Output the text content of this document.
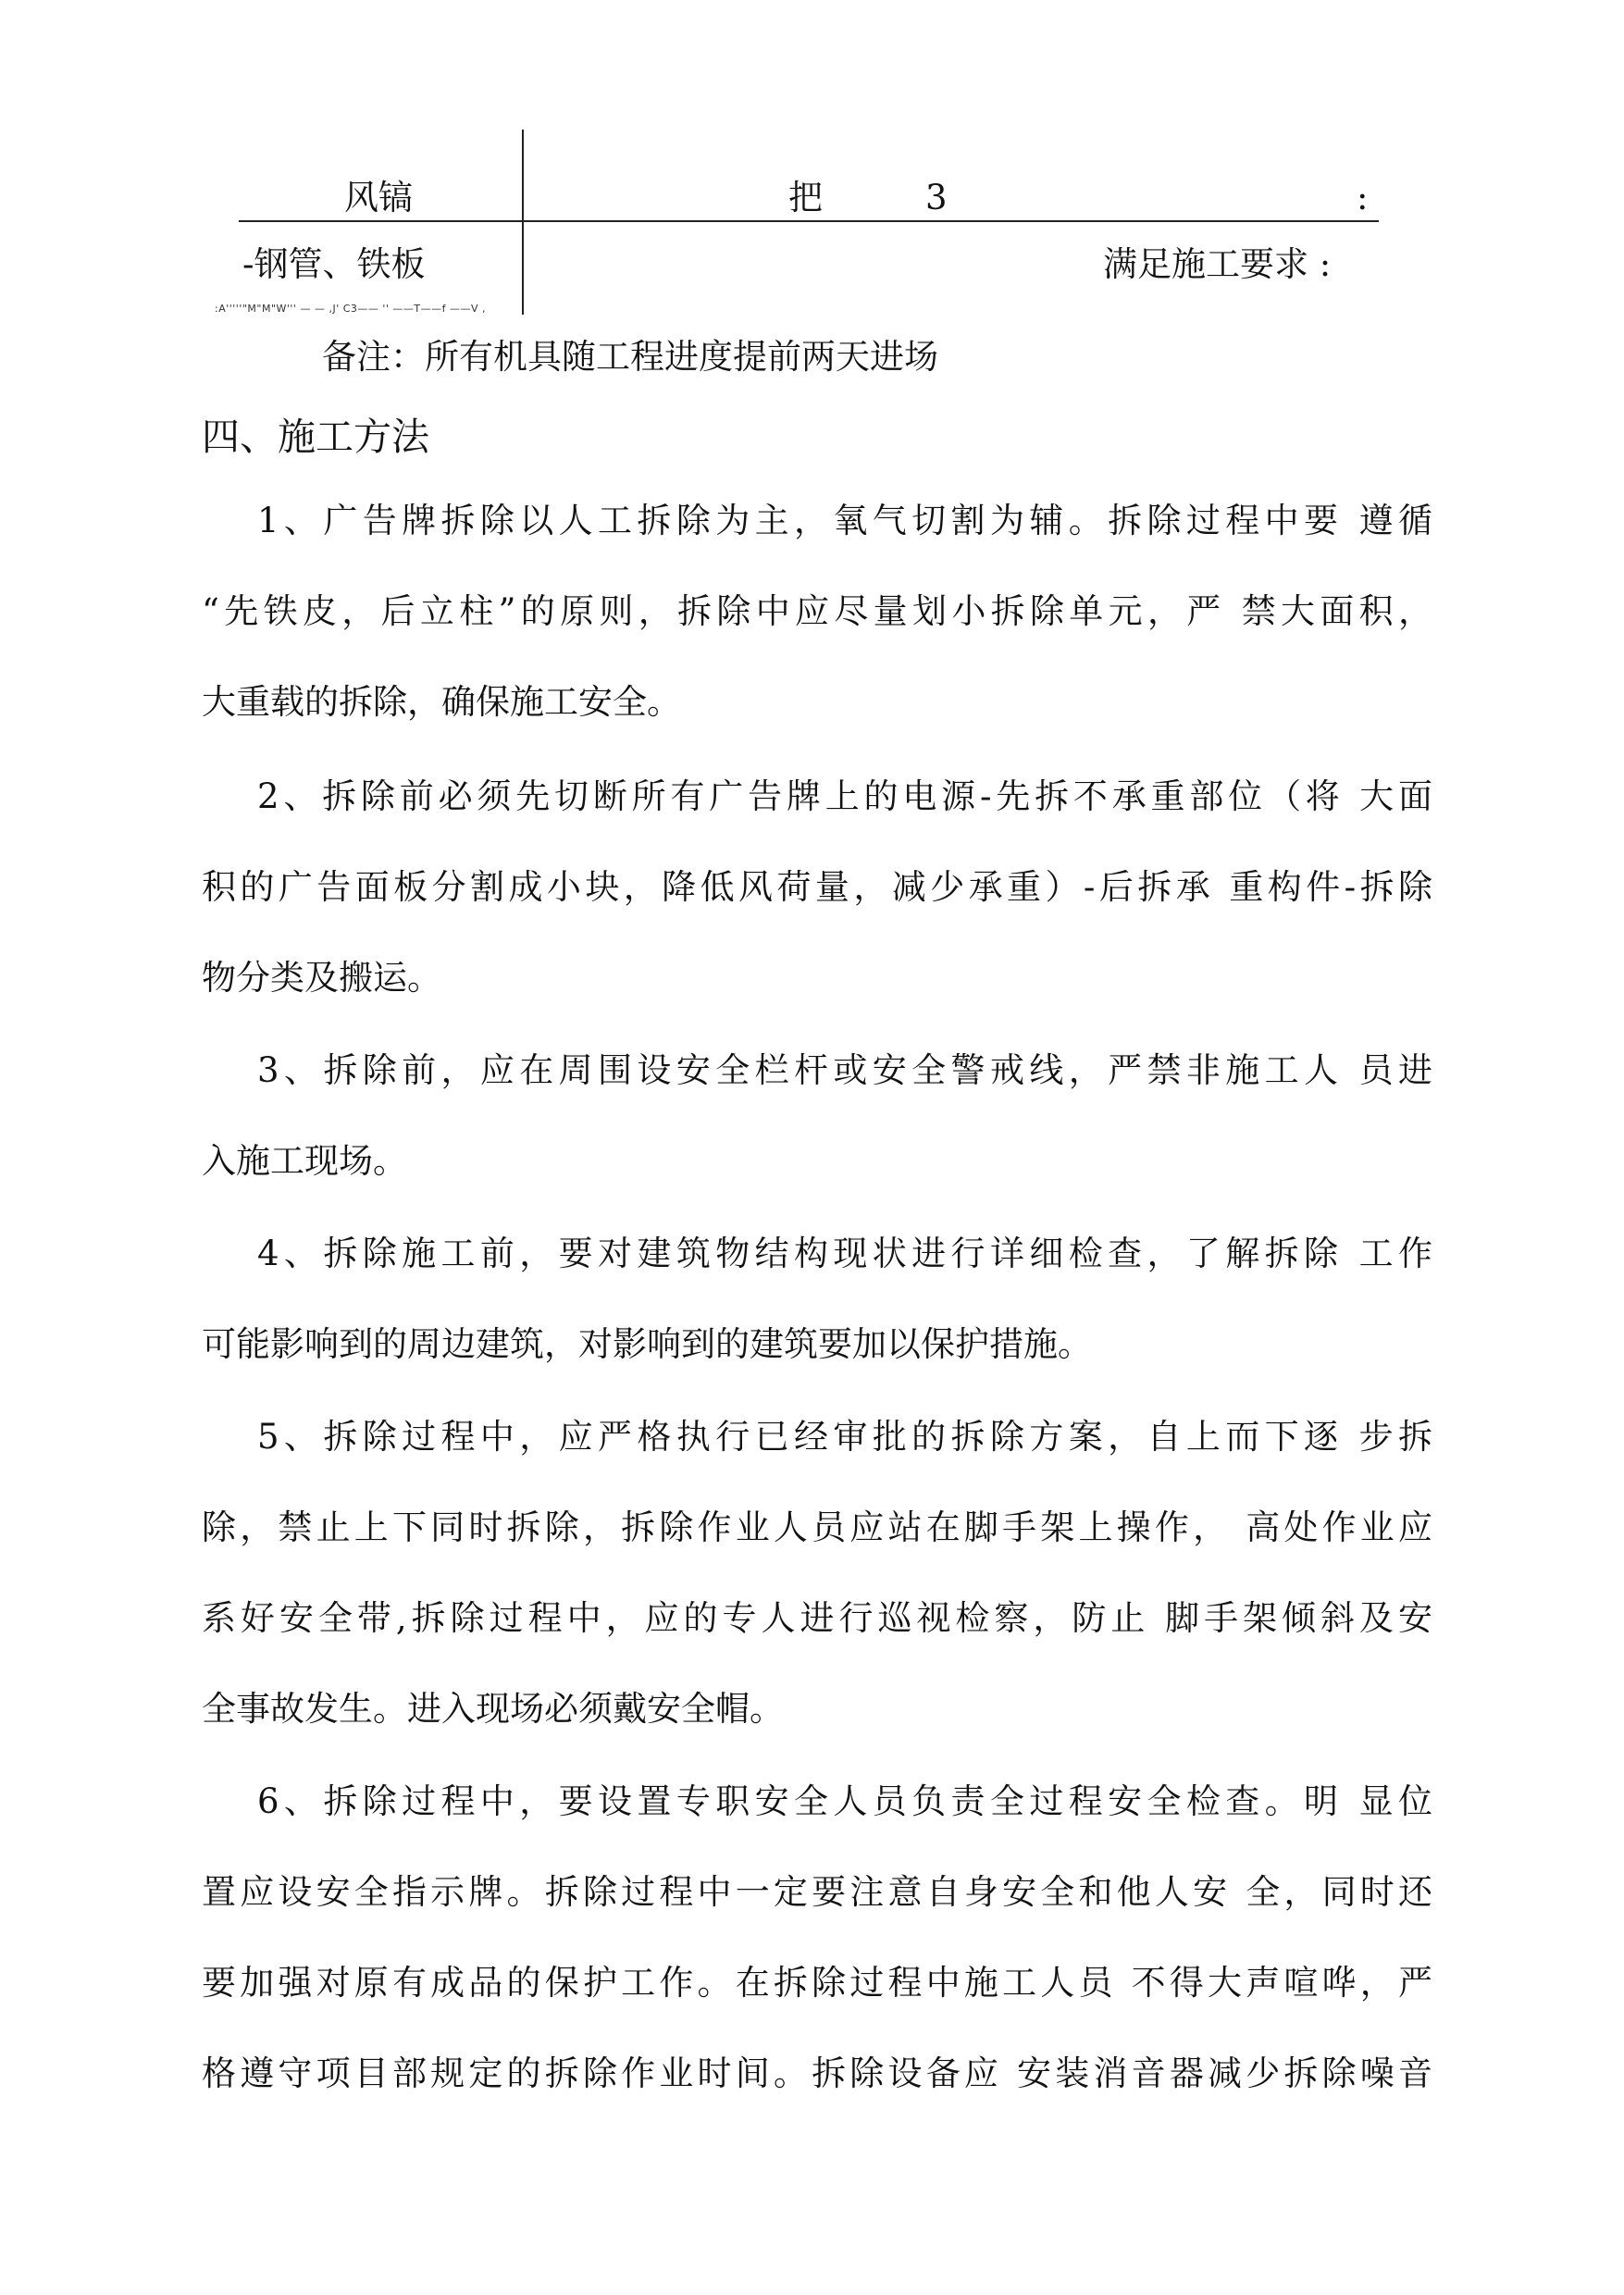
风镐	把	3	:
-钢管、铁板	满足施工要求 :
:A'''''"M"M"W''' — — ,J' C3—— '' ——T——f ——V ,
备注：所有机具随工程进度提前两天进场
四、施工方法
1、广告牌拆除以人工拆除为主，氧气切割为辅。拆除过程中要 遵循
“先铁皮，后立柱”的原则，拆除中应尽量划小拆除单元，严 禁大面积，
大重载的拆除，确保施工安全。
2、拆除前必须先切断所有广告牌上的电源-先拆不承重部位（将 大面
积的广告面板分割成小块，降低风荷量，减少承重）-后拆承 重构件-拆除
物分类及搬运。
3、拆除前，应在周围设安全栏杆或安全警戒线，严禁非施工人 员进
入施工现场。
4、拆除施工前，要对建筑物结构现状进行详细检查，了解拆除 工作
可能影响到的周边建筑，对影响到的建筑要加以保护措施。
5、拆除过程中，应严格执行已经审批的拆除方案，自上而下逐 步拆
除，禁止上下同时拆除，拆除作业人员应站在脚手架上操作， 高处作业应
系好安全带,拆除过程中，应的专人进行巡视检察，防止 脚手架倾斜及安
全事故发生。进入现场必须戴安全帽。
6、拆除过程中，要设置专职安全人员负责全过程安全检查。明 显位
置应设安全指示牌。拆除过程中一定要注意自身安全和他人安 全，同时还
要加强对原有成品的保护工作。在拆除过程中施工人员 不得大声喧哗，严
格遵守项目部规定的拆除作业时间。拆除设备应 安装消音器减少拆除噪音
